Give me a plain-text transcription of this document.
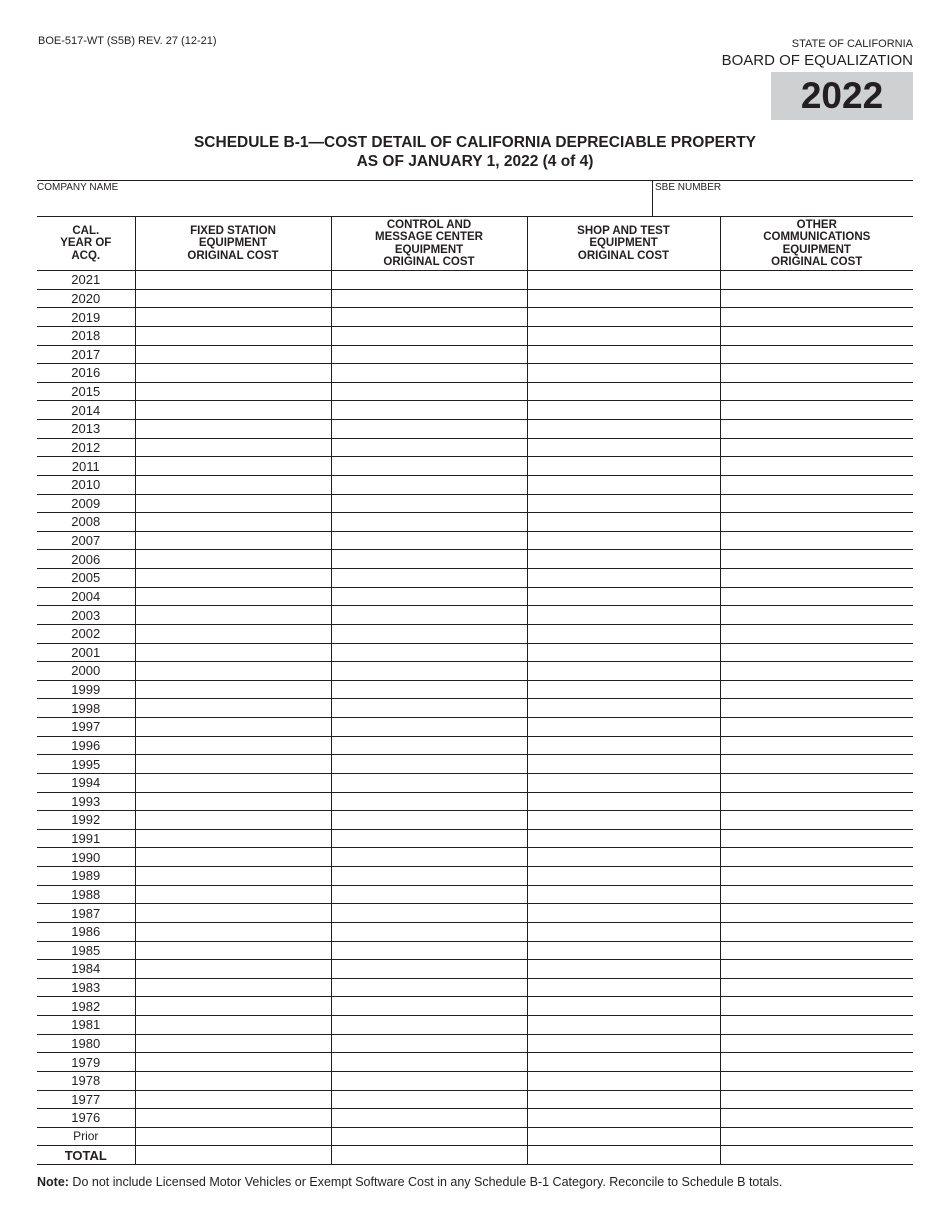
BOE-517-WT (S5B) REV. 27 (12-21)	STATE OF CALIFORNIA
BOARD OF EQUALIZATION
2022
SCHEDULE B-1—COST DETAIL OF CALIFORNIA DEPRECIABLE PROPERTY
AS OF JANUARY 1, 2022 (4 of 4)
COMPANY NAME	SBE NUMBER
CAL.
YEAR OF
ACQ.	FIXED STATION
EQUIPMENT
ORIGINAL COST	CONTROL AND
MESSAGE CENTER
EQUIPMENT
ORIGINAL COST	SHOP AND TEST
EQUIPMENT
ORIGINAL COST	OTHER
COMMUNICATIONS
EQUIPMENT
ORIGINAL COST
2021				
2020				
2019				
2018				
2017				
2016				
2015				
2014				
2013				
2012				
2011				
2010				
2009				
2008				
2007				
2006				
2005				
2004				
2003				
2002				
2001				
2000				
1999				
1998				
1997				
1996				
1995				
1994				
1993				
1992				
1991				
1990				
1989				
1988				
1987				
1986				
1985				
1984				
1983				
1982				
1981				
1980				
1979				
1978				
1977				
1976				
Prior				
TOTAL				
Note: Do not include Licensed Motor Vehicles or Exempt Software Cost in any Schedule B-1 Category. Reconcile to Schedule B totals.
